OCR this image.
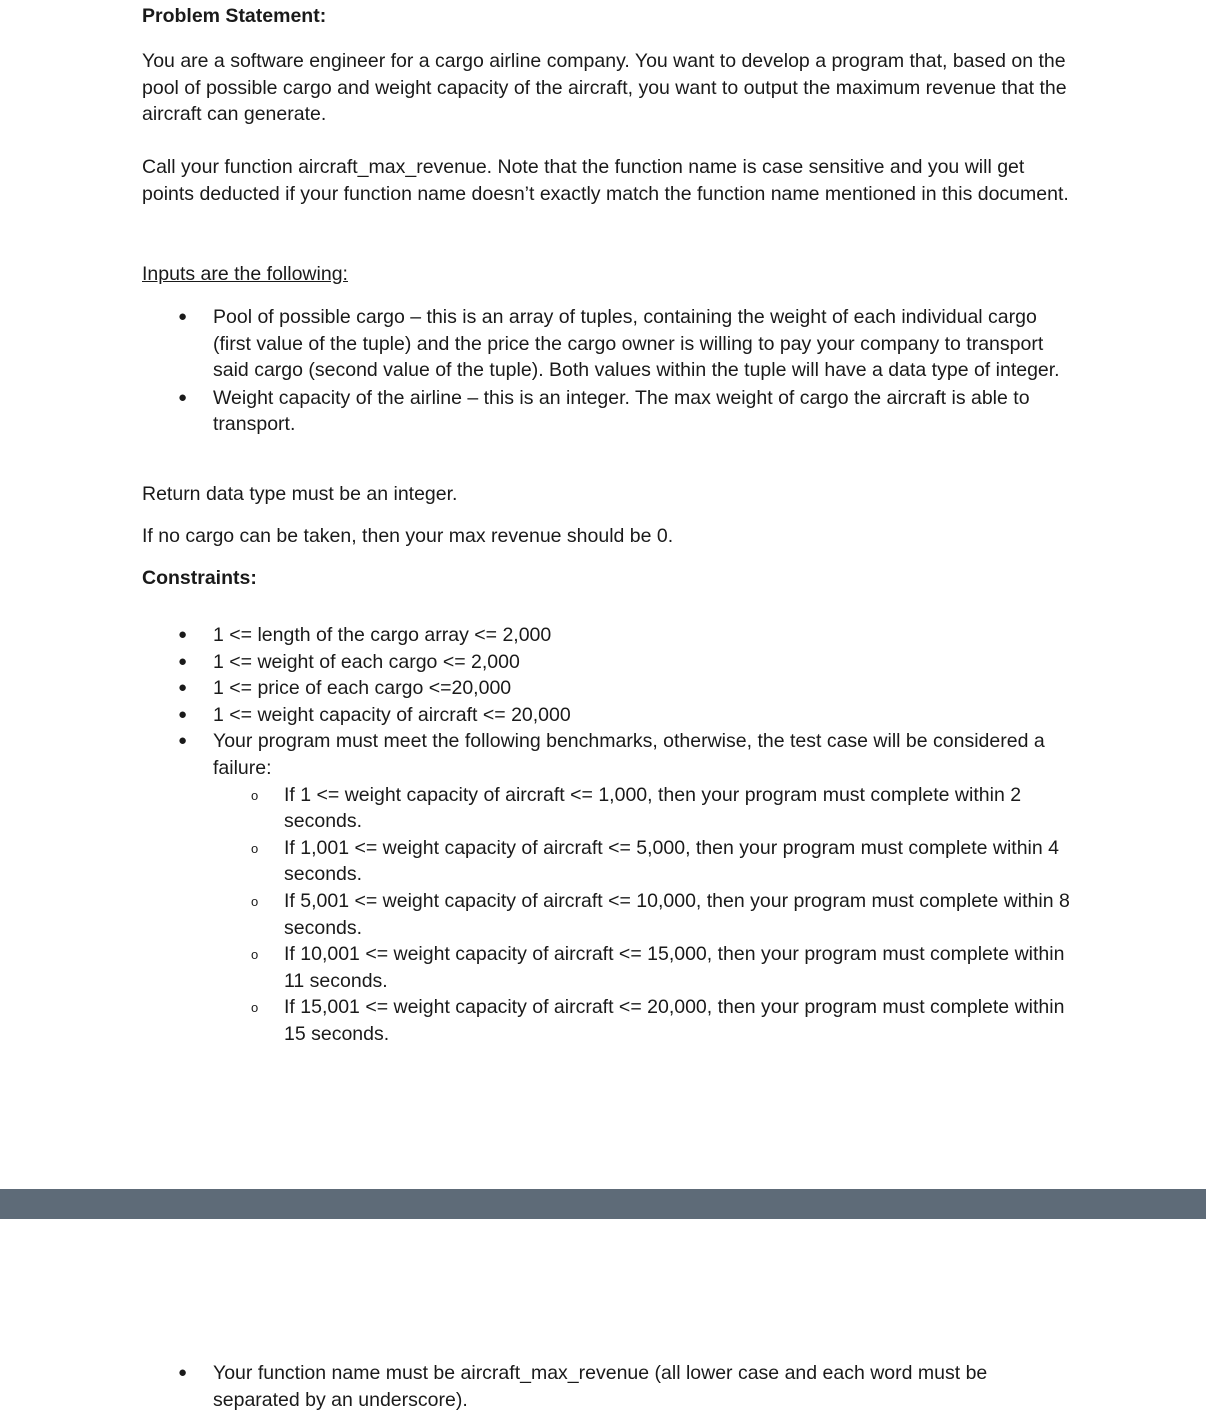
Problem Statement:
You are a software engineer for a cargo airline company. You want to develop a program that, based on the pool of possible cargo and weight capacity of the aircraft, you want to output the maximum revenue that the aircraft can generate.
Call your function aircraft_max_revenue. Note that the function name is case sensitive and you will get points deducted if your function name doesn’t exactly match the function name mentioned in this document.
Inputs are the following:
● Pool of possible cargo – this is an array of tuples, containing the weight of each individual cargo (first value of the tuple) and the price the cargo owner is willing to pay your company to transport said cargo (second value of the tuple). Both values within the tuple will have a data type of integer.
● Weight capacity of the airline – this is an integer. The max weight of cargo the aircraft is able to transport.
Return data type must be an integer.
If no cargo can be taken, then your max revenue should be 0.
Constraints:
● 1 <= length of the cargo array <= 2,000
● 1 <= weight of each cargo <= 2,000
● 1 <= price of each cargo <=20,000
● 1 <= weight capacity of aircraft <= 20,000
● Your program must meet the following benchmarks, otherwise, the test case will be considered a failure:
o If 1 <= weight capacity of aircraft <= 1,000, then your program must complete within 2 seconds.
o If 1,001 <= weight capacity of aircraft <= 5,000, then your program must complete within 4 seconds.
o If 5,001 <= weight capacity of aircraft <= 10,000, then your program must complete within 8 seconds.
o If 10,001 <= weight capacity of aircraft <= 15,000, then your program must complete within 11 seconds.
o If 15,001 <= weight capacity of aircraft <= 20,000, then your program must complete within 15 seconds.
● Your function name must be aircraft_max_revenue (all lower case and each word must be separated by an underscore).
